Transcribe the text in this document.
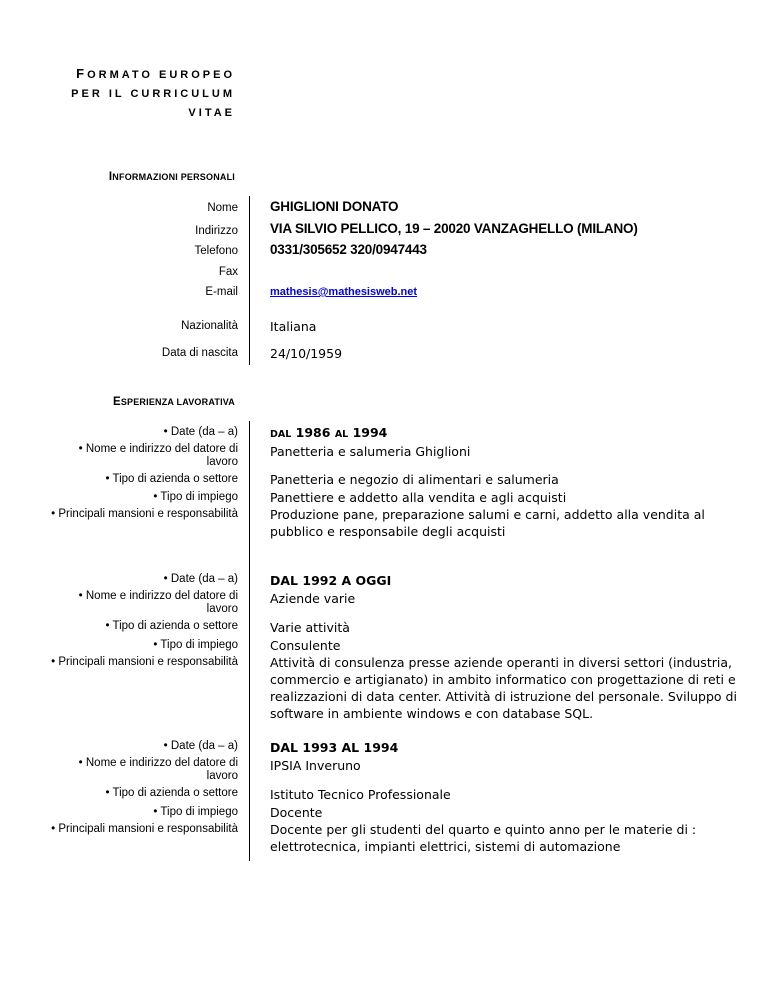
FORMATO EUROPEO
PER IL CURRICULUM
VITAE
INFORMAZIONI PERSONALI
Nome
Indirizzo
Telefono
Fax
E-mail
Nazionalità
Data di nascita
GHIGLIONI DONATO
VIA SILVIO PELLICO, 19 – 20020 VANZAGHELLO (MILANO)
0331/305652 320/0947443
mathesis@mathesisweb.net
Italiana
24/10/1959
ESPERIENZA LAVORATIVA
• Date (da – a)
• Nome e indirizzo del datore di
lavoro
• Tipo di azienda o settore
• Tipo di impiego
• Principali mansioni e responsabilità
DAL 1986 AL 1994
Panetteria e salumeria Ghiglioni
Panetteria e negozio di alimentari e salumeria
Panettiere e addetto alla vendita e agli acquisti
Produzione pane, preparazione salumi e carni, addetto alla vendita al pubblico e responsabile degli acquisti
• Date (da – a)
• Nome e indirizzo del datore di
lavoro
• Tipo di azienda o settore
• Tipo di impiego
• Principali mansioni e responsabilità
DAL 1992 A OGGI
Aziende varie
Varie attività
Consulente
Attività di consulenza presse aziende operanti in diversi settori (industria, commercio e artigianato) in ambito informatico con progettazione di reti e realizzazioni di data center. Attività di istruzione del personale. Sviluppo di software in ambiente windows e con database SQL.
• Date (da – a)
• Nome e indirizzo del datore di
lavoro
• Tipo di azienda o settore
• Tipo di impiego
• Principali mansioni e responsabilità
DAL 1993 AL 1994
IPSIA Inveruno
Istituto Tecnico Professionale
Docente
Docente per gli studenti del quarto e quinto anno per le materie di : elettrotecnica, impianti elettrici, sistemi di automazione
